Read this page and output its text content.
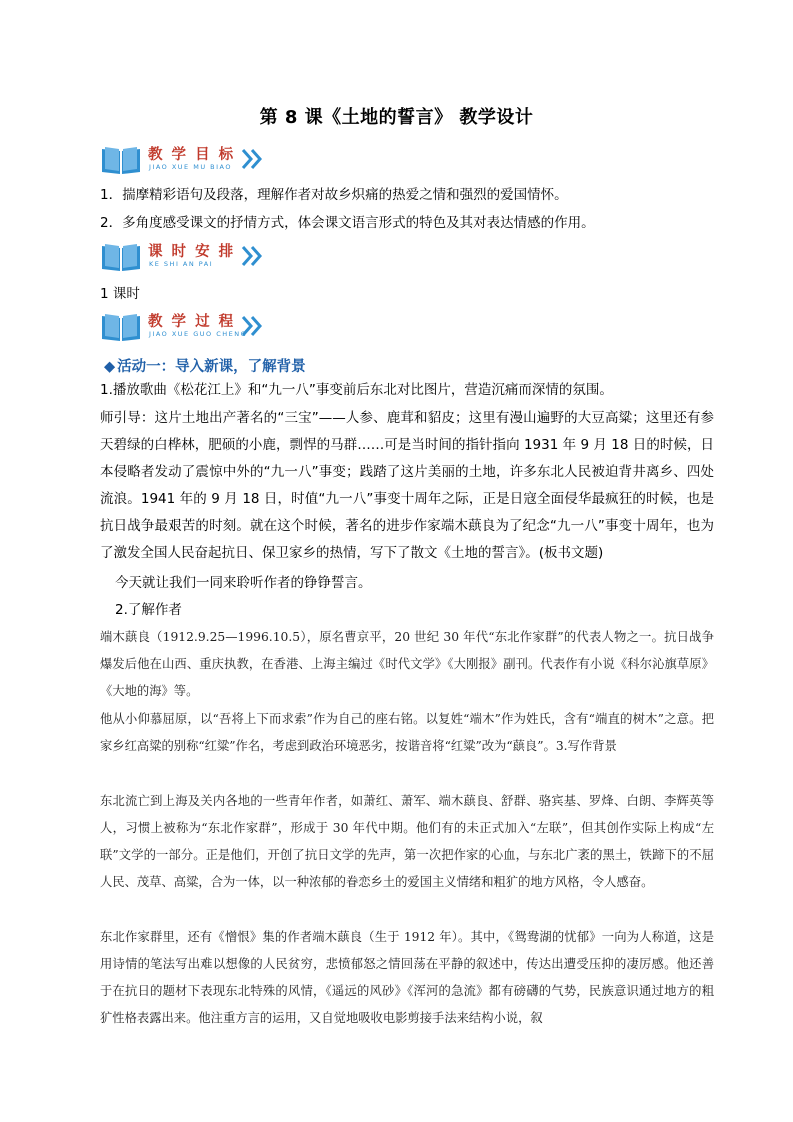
第 8 课《土地的誓言》 教学设计
教 学 目 标
JIAO XUE MU BIAO
1．揣摩精彩语句及段落，理解作者对故乡炽痛的热爱之情和强烈的爱国情怀。
2．多角度感受课文的抒情方式，体会课文语言形式的特色及其对表达情感的作用。
课 时 安 排
KE SHI AN PAI
1 课时
教 学 过 程
JIAO XUE GUO CHENG
◆ 活动一：导入新课，了解背景
1.播放歌曲《松花江上》和“九一八”事变前后东北对比图片，营造沉痛而深情的氛围。
师引导：这片土地出产著名的“三宝”——人参、鹿茸和貂皮；这里有漫山遍野的大豆高粱；这里还有参天碧绿的白桦林，肥硕的小鹿，剽悍的马群……可是当时间的指针指向 1931 年 9 月 18 日的时候，日本侵略者发动了震惊中外的“九一八”事变；践踏了这片美丽的土地，许多东北人民被迫背井离乡、四处流浪。1941 年的 9 月 18 日，时值“九一八”事变十周年之际，正是日寇全面侵华最疯狂的时候，也是抗日战争最艰苦的时刻。就在这个时候，著名的进步作家端木蕻良为了纪念“九一八”事变十周年，也为了激发全国人民奋起抗日、保卫家乡的热情，写下了散文《土地的誓言》。(板书文题)
今天就让我们一同来聆听作者的铮铮誓言。
2.了解作者
端木蕻良（1912.9.25—1996.10.5），原名曹京平，20 世纪 30 年代“东北作家群”的代表人物之一。抗日战争爆发后他在山西、重庆执教，在香港、上海主编过《时代文学》《大刚报》副刊。代表作有小说《科尔沁旗草原》《大地的海》等。
他从小仰慕屈原，以“吾将上下而求索”作为自己的座右铭。以复姓“端木”作为姓氏，含有“端直的树木”之意。把家乡红高粱的别称“红粱”作名，考虑到政治环境恶劣，按谐音将“红粱”改为“蕻良”。3.写作背景
东北流亡到上海及关内各地的一些青年作者，如萧红、萧军、端木蕻良、舒群、骆宾基、罗烽、白朗、李辉英等人，习惯上被称为“东北作家群”，形成于 30 年代中期。他们有的未正式加入“左联”，但其创作实际上构成“左联”文学的一部分。正是他们，开创了抗日文学的先声，第一次把作家的心血，与东北广袤的黑土，铁蹄下的不屈人民、茂草、高粱，合为一体，以一种浓郁的眷恋乡土的爱国主义情绪和粗犷的地方风格，令人感奋。
东北作家群里，还有《憎恨》集的作者端木蕻良（生于 1912 年）。其中，《鸳鸯湖的忧郁》一向为人称道，这是用诗情的笔法写出难以想像的人民贫穷，悲愤郁怒之情回荡在平静的叙述中，传达出遭受压抑的凄厉感。他还善于在抗日的题材下表现东北特殊的风情，《遥远的风砂》《浑河的急流》都有磅礴的气势，民族意识通过地方的粗犷性格表露出来。他注重方言的运用，又自觉地吸收电影剪接手法来结构小说，叙
